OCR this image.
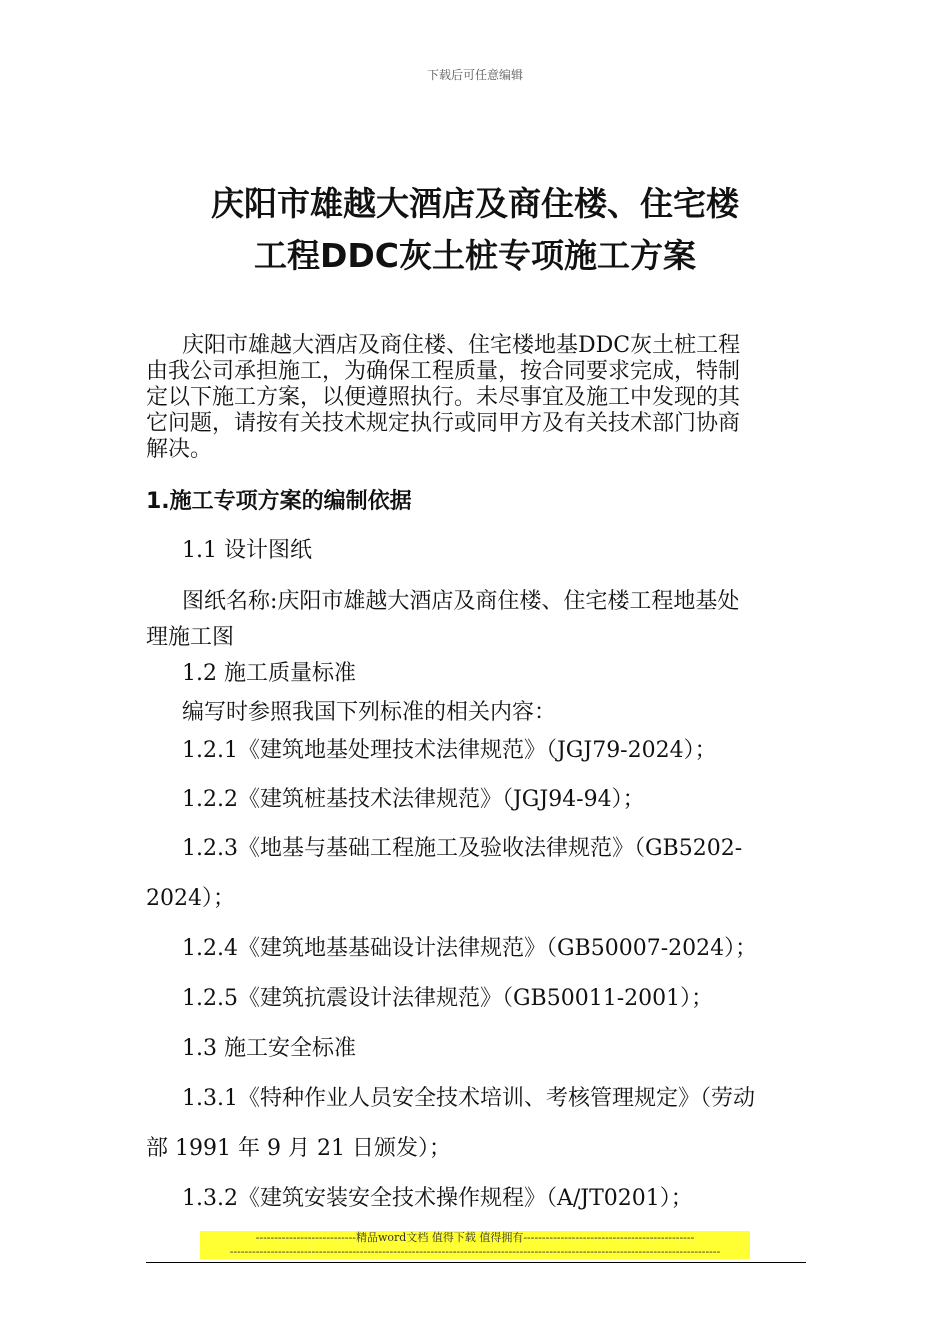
下载后可任意编辑
庆阳市雄越大酒店及商住楼、住宅楼
工程DDC灰土桩专项施工方案
庆阳市雄越大酒店及商住楼、住宅楼地基DDC灰土桩工程
由我公司承担施工，为确保工程质量，按合同要求完成，特制
定以下施工方案，以便遵照执行。未尽事宜及施工中发现的其
它问题，请按有关技术规定执行或同甲方及有关技术部门协商
解决。
1.施工专项方案的编制依据
1.1 设计图纸
图纸名称:庆阳市雄越大酒店及商住楼、住宅楼工程地基处
理施工图
1.2 施工质量标准
编写时参照我国下列标准的相关内容：
1.2.1《建筑地基处理技术法律规范》（JGJ79-2024）；
1.2.2《建筑桩基技术法律规范》（JGJ94-94）；
1.2.3《地基与基础工程施工及验收法律规范》（GB5202-
2024）；
1.2.4《建筑地基基础设计法律规范》（GB50007-2024）；
1.2.5《建筑抗震设计法律规范》（GB50011-2001）；
1.3 施工安全标准
1.3.1《特种作业人员安全技术培训、考核管理规定》（劳动
部 1991 年 9 月 21 日颁发）；
1.3.2《建筑安装安全技术操作规程》（A/JT0201）；
---------------------------精品word文档 值得下载 值得拥有----------------------------------------------
------------------------------------------------------------------------------------------------------------------------------------
